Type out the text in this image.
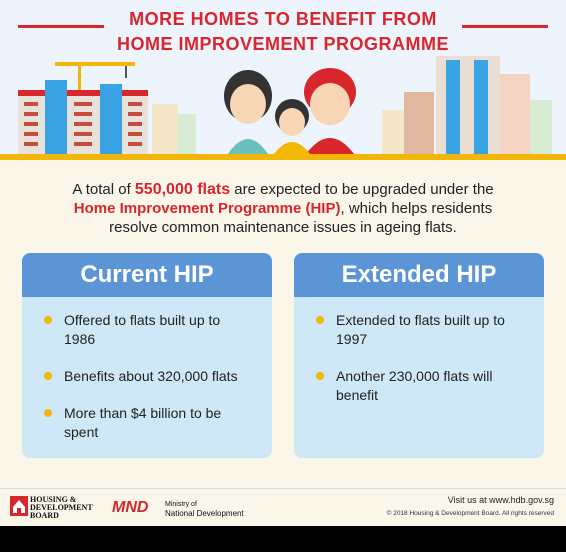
MORE HOMES TO BENEFIT FROM
HOME IMPROVEMENT PROGRAMME
A total of 550,000 flats are expected to be upgraded under the
Home Improvement Programme (HIP), which helps residents
resolve common maintenance issues in ageing flats.
Current HIP
Offered to flats built up to 1986
Benefits about 320,000 flats
More than $4 billion to be spent
Extended HIP
Extended to flats built up to 1997
Another 230,000 flats will benefit
HOUSING &
DEVELOPMENT
BOARD	MND Ministry of
National Development
Visit us at www.hdb.gov.sg
© 2018 Housing & Development Board. All rights reserved
